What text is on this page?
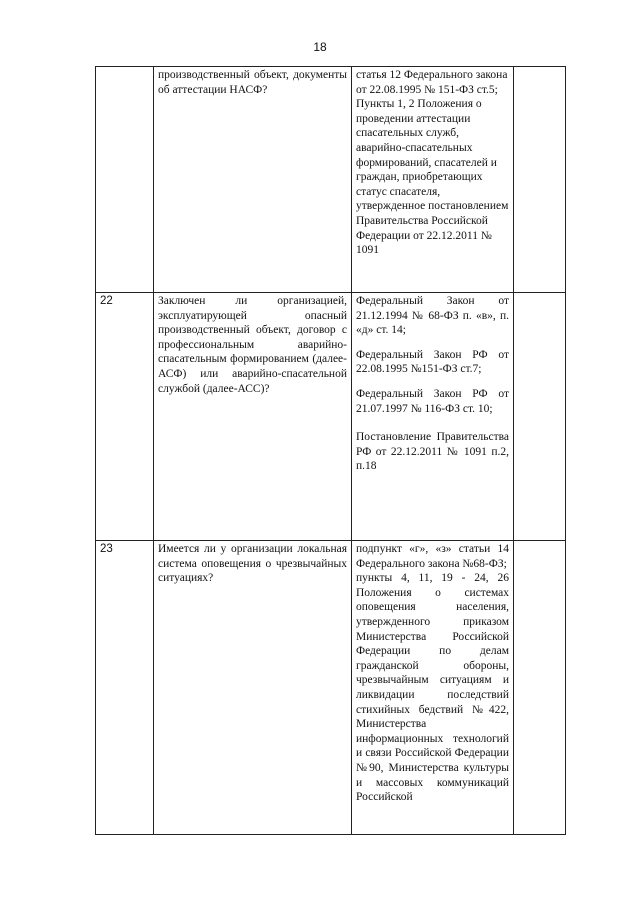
18
	производственный объект, документы об аттестации НАСФ?	статья 12 Федерального закона от 22.08.1995 № 151-ФЗ ст.5;

Пункты 1, 2 Положения о проведении аттестации спасательных служб, аварийно-спасательных формирований, спасателей и граждан, приобретающих статус спасателя, утвержденное постановлением Правительства Российской Федерации от 22.12.2011 № 1091	

22	Заключен ли организацией, эксплуатирующей опасный производственный объект, договор с профессиональным аварийно-спасательным формированием (далее-АСФ) или аварийно-спасательной службой (далее-АСС)?	Федеральный Закон от 21.12.1994 № 68-ФЗ п. «в», п. «д» ст. 14;

Федеральный Закон РФ от 22.08.1995 №151-ФЗ ст.7;

Федеральный Закон РФ от 21.07.1997 № 116-ФЗ ст. 10;

Постановление Правительства РФ от 22.12.2011 № 1091 п.2, п.18	

23	Имеется ли у организации локальная система оповещения о чрезвычайных ситуациях?	подпункт «г», «з» статьи 14 Федерального закона №68-ФЗ;

пункты 4, 11, 19 - 24, 26 Положения о системах оповещения населения, утвержденного приказом Министерства Российской Федерации по делам гражданской обороны, чрезвычайным ситуациям и ликвидации последствий стихийных бедствий №422, Министерства информационных технологий и связи Российской Федерации №90, Министерства культуры и массовых коммуникаций Российской	
